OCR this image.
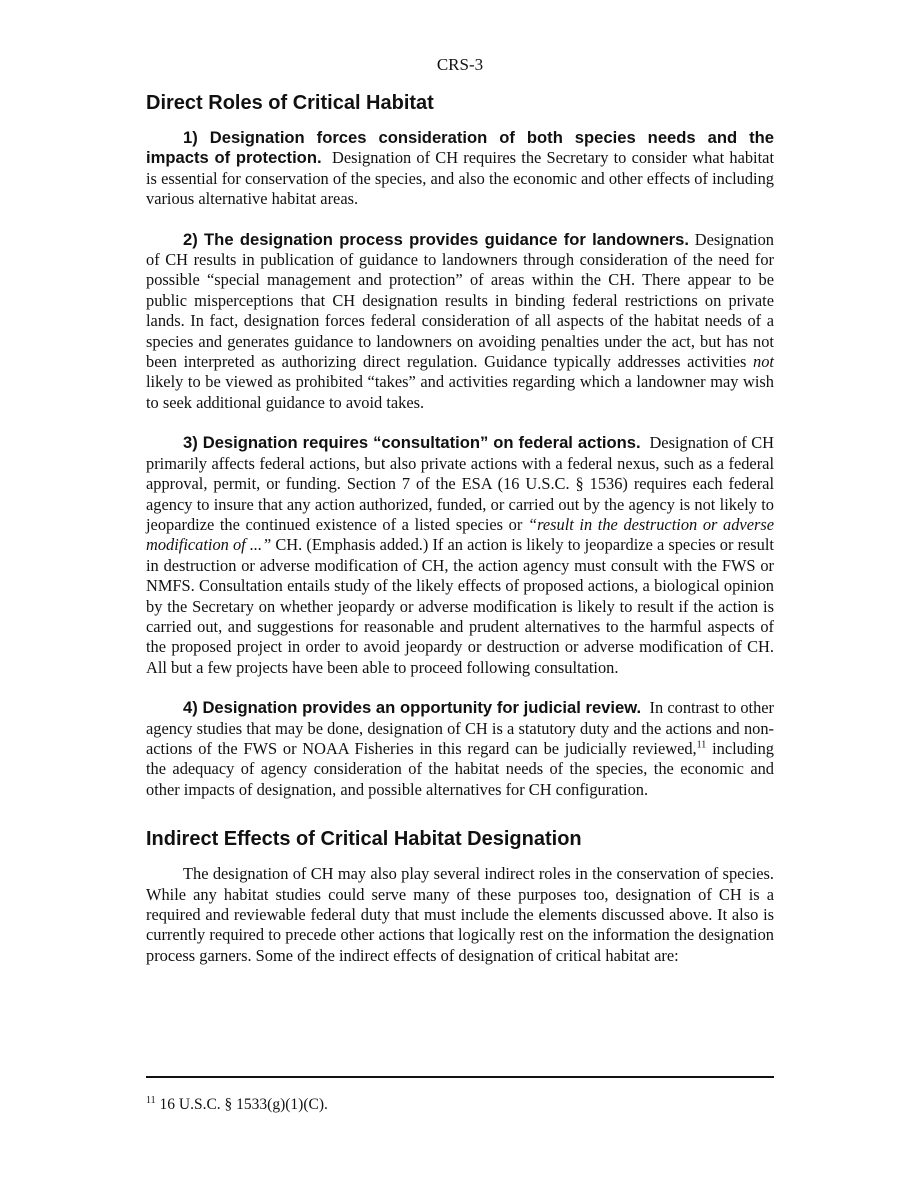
CRS-3
Direct Roles of Critical Habitat

1) Designation forces consideration of both species needs and the impacts of protection. Designation of CH requires the Secretary to consider what habitat is essential for conservation of the species, and also the economic and other effects of including various alternative habitat areas.

2) The designation process provides guidance for landowners. Designation of CH results in publication of guidance to landowners through consideration of the need for possible “special management and protection” of areas within the CH. There appear to be public misperceptions that CH designation results in binding federal restrictions on private lands. In fact, designation forces federal consideration of all aspects of the habitat needs of a species and generates guidance to landowners on avoiding penalties under the act, but has not been interpreted as authorizing direct regulation. Guidance typically addresses activities not likely to be viewed as prohibited “takes” and activities regarding which a landowner may wish to seek additional guidance to avoid takes.

3) Designation requires “consultation” on federal actions. Designation of CH primarily affects federal actions, but also private actions with a federal nexus, such as a federal approval, permit, or funding. Section 7 of the ESA (16 U.S.C. § 1536) requires each federal agency to insure that any action authorized, funded, or carried out by the agency is not likely to jeopardize the continued existence of a listed species or “result in the destruction or adverse modification of ...” CH. (Emphasis added.) If an action is likely to jeopardize a species or result in destruction or adverse modification of CH, the action agency must consult with the FWS or NMFS. Consultation entails study of the likely effects of proposed actions, a biological opinion by the Secretary on whether jeopardy or adverse modification is likely to result if the action is carried out, and suggestions for reasonable and prudent alternatives to the harmful aspects of the proposed project in order to avoid jeopardy or destruction or adverse modification of CH. All but a few projects have been able to proceed following consultation.

4) Designation provides an opportunity for judicial review. In contrast to other agency studies that may be done, designation of CH is a statutory duty and the actions and non-actions of the FWS or NOAA Fisheries in this regard can be judicially reviewed,$^{11}$ including the adequacy of agency consideration of the habitat needs of the species, the economic and other impacts of designation, and possible alternatives for CH configuration.

Indirect Effects of Critical Habitat Designation

The designation of CH may also play several indirect roles in the conservation of species. While any habitat studies could serve many of these purposes too, designation of CH is a required and reviewable federal duty that must include the elements discussed above. It also is currently required to precede other actions that logically rest on the information the designation process garners. Some of the indirect effects of designation of critical habitat are:

$^{11}$ 16 U.S.C. § 1533(g)(1)(C).
